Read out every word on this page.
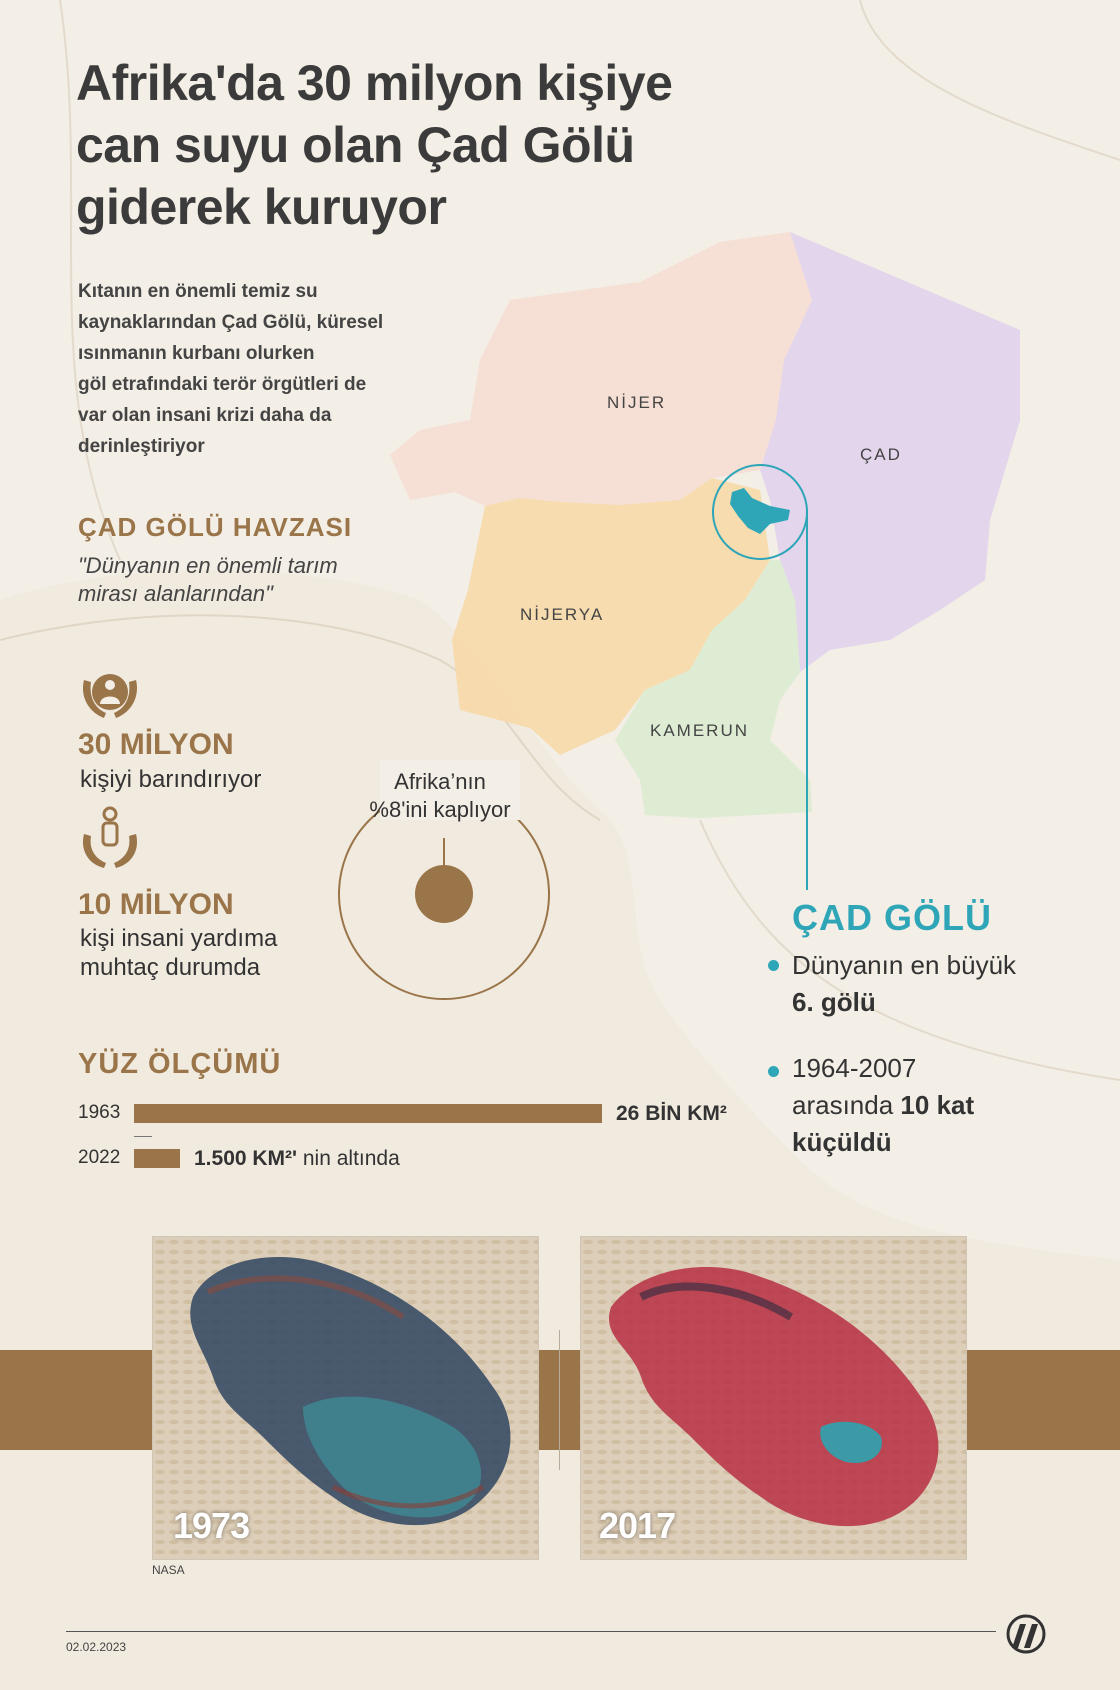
Afrika'da 30 milyon kişiye
can suyu olan Çad Gölü
giderek kuruyor
Kıtanın en önemli temiz su
kaynaklarından Çad Gölü, küresel
ısınmanın kurbanı olurken
göl etrafındaki terör örgütleri de
var olan insani krizi daha da
derinleştiriyor
ÇAD GÖLÜ HAVZASI
"Dünyanın en önemli tarım
mirası alanlarından"
30 MİLYON
kişiyi barındırıyor
10 MİLYON
kişi insani yardıma
muhtaç durumda
Afrika’nın
%8'ini kaplıyor
YÜZ ÖLÇÜMÜ
1963	26 BİN KM²
2022	1.500 KM²' nin altında
NİJER
ÇAD
NİJERYA
KAMERUN
ÇAD GÖLÜ
Dünyanın en büyük
6. gölü
1964-2007
arasında 10 kat
küçüldü
1973	2017
NASA
02.02.2023
